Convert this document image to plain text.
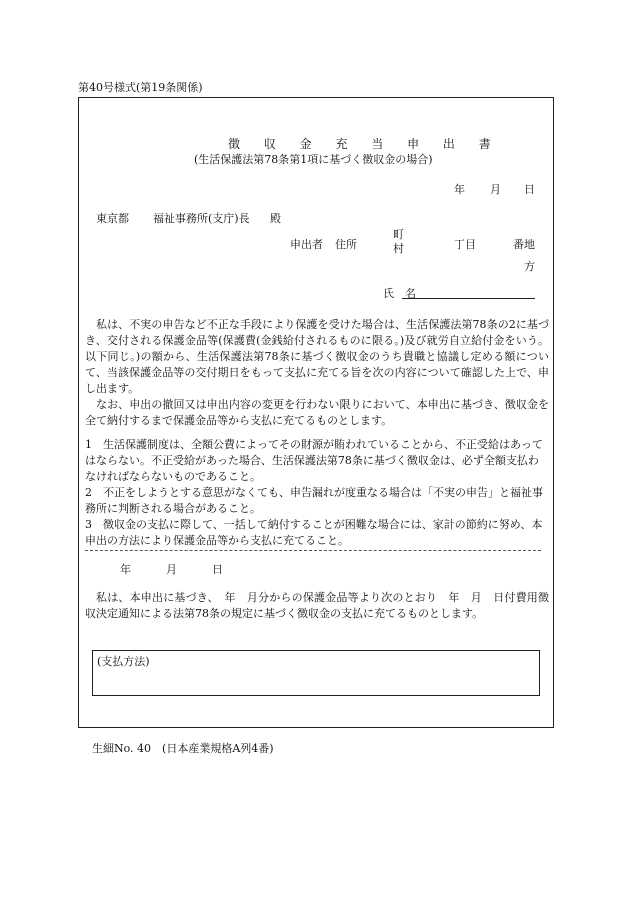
第40号様式(第19条関係)
徴 収 金 充 当 申 出 書
(生活保護法第78条第1項に基づく徴収金の場合)
年 月 日
東京都 福祉事務所(支庁)長 殿
申出者 住所
町
村	丁目	番地
方
氏　名
私は、不実の申告など不正な手段により保護を受けた場合は、生活保護法第78条の2に基づき、交付される保護金品等(保護費(金銭給付されるものに限る。)及び就労自立給付金をいう。以下同じ。)の額から、生活保護法第78条に基づく徴収金のうち貴職と協議し定める額について、当該保護金品等の交付期日をもって支払に充てる旨を次の内容について確認した上で、申し出ます。
なお、申出の撤回又は申出内容の変更を行わない限りにおいて、本申出に基づき、徴収金を全て納付するまで保護金品等から支払に充てるものとします。
1　生活保護制度は、全額公費によってその財源が賄われていることから、不正受給はあってはならない。不正受給があった場合、生活保護法第78条に基づく徴収金は、必ず全額支払わなければならないものであること。
2　不正をしようとする意思がなくても、申告漏れが度重なる場合は「不実の申告」と福祉事務所に判断される場合があること。
3　徴収金の支払に際して、一括して納付することが困難な場合には、家計の節約に努め、本申出の方法により保護金品等から支払に充てること。
年	月	日
私は、本申出に基づき、　年　月分からの保護金品等より次のとおり　年　月　日付費用徴収決定通知による法第78条の規定に基づく徴収金の支払に充てるものとします。
(支払方法)
生細No. 40　(日本産業規格A列4番)
